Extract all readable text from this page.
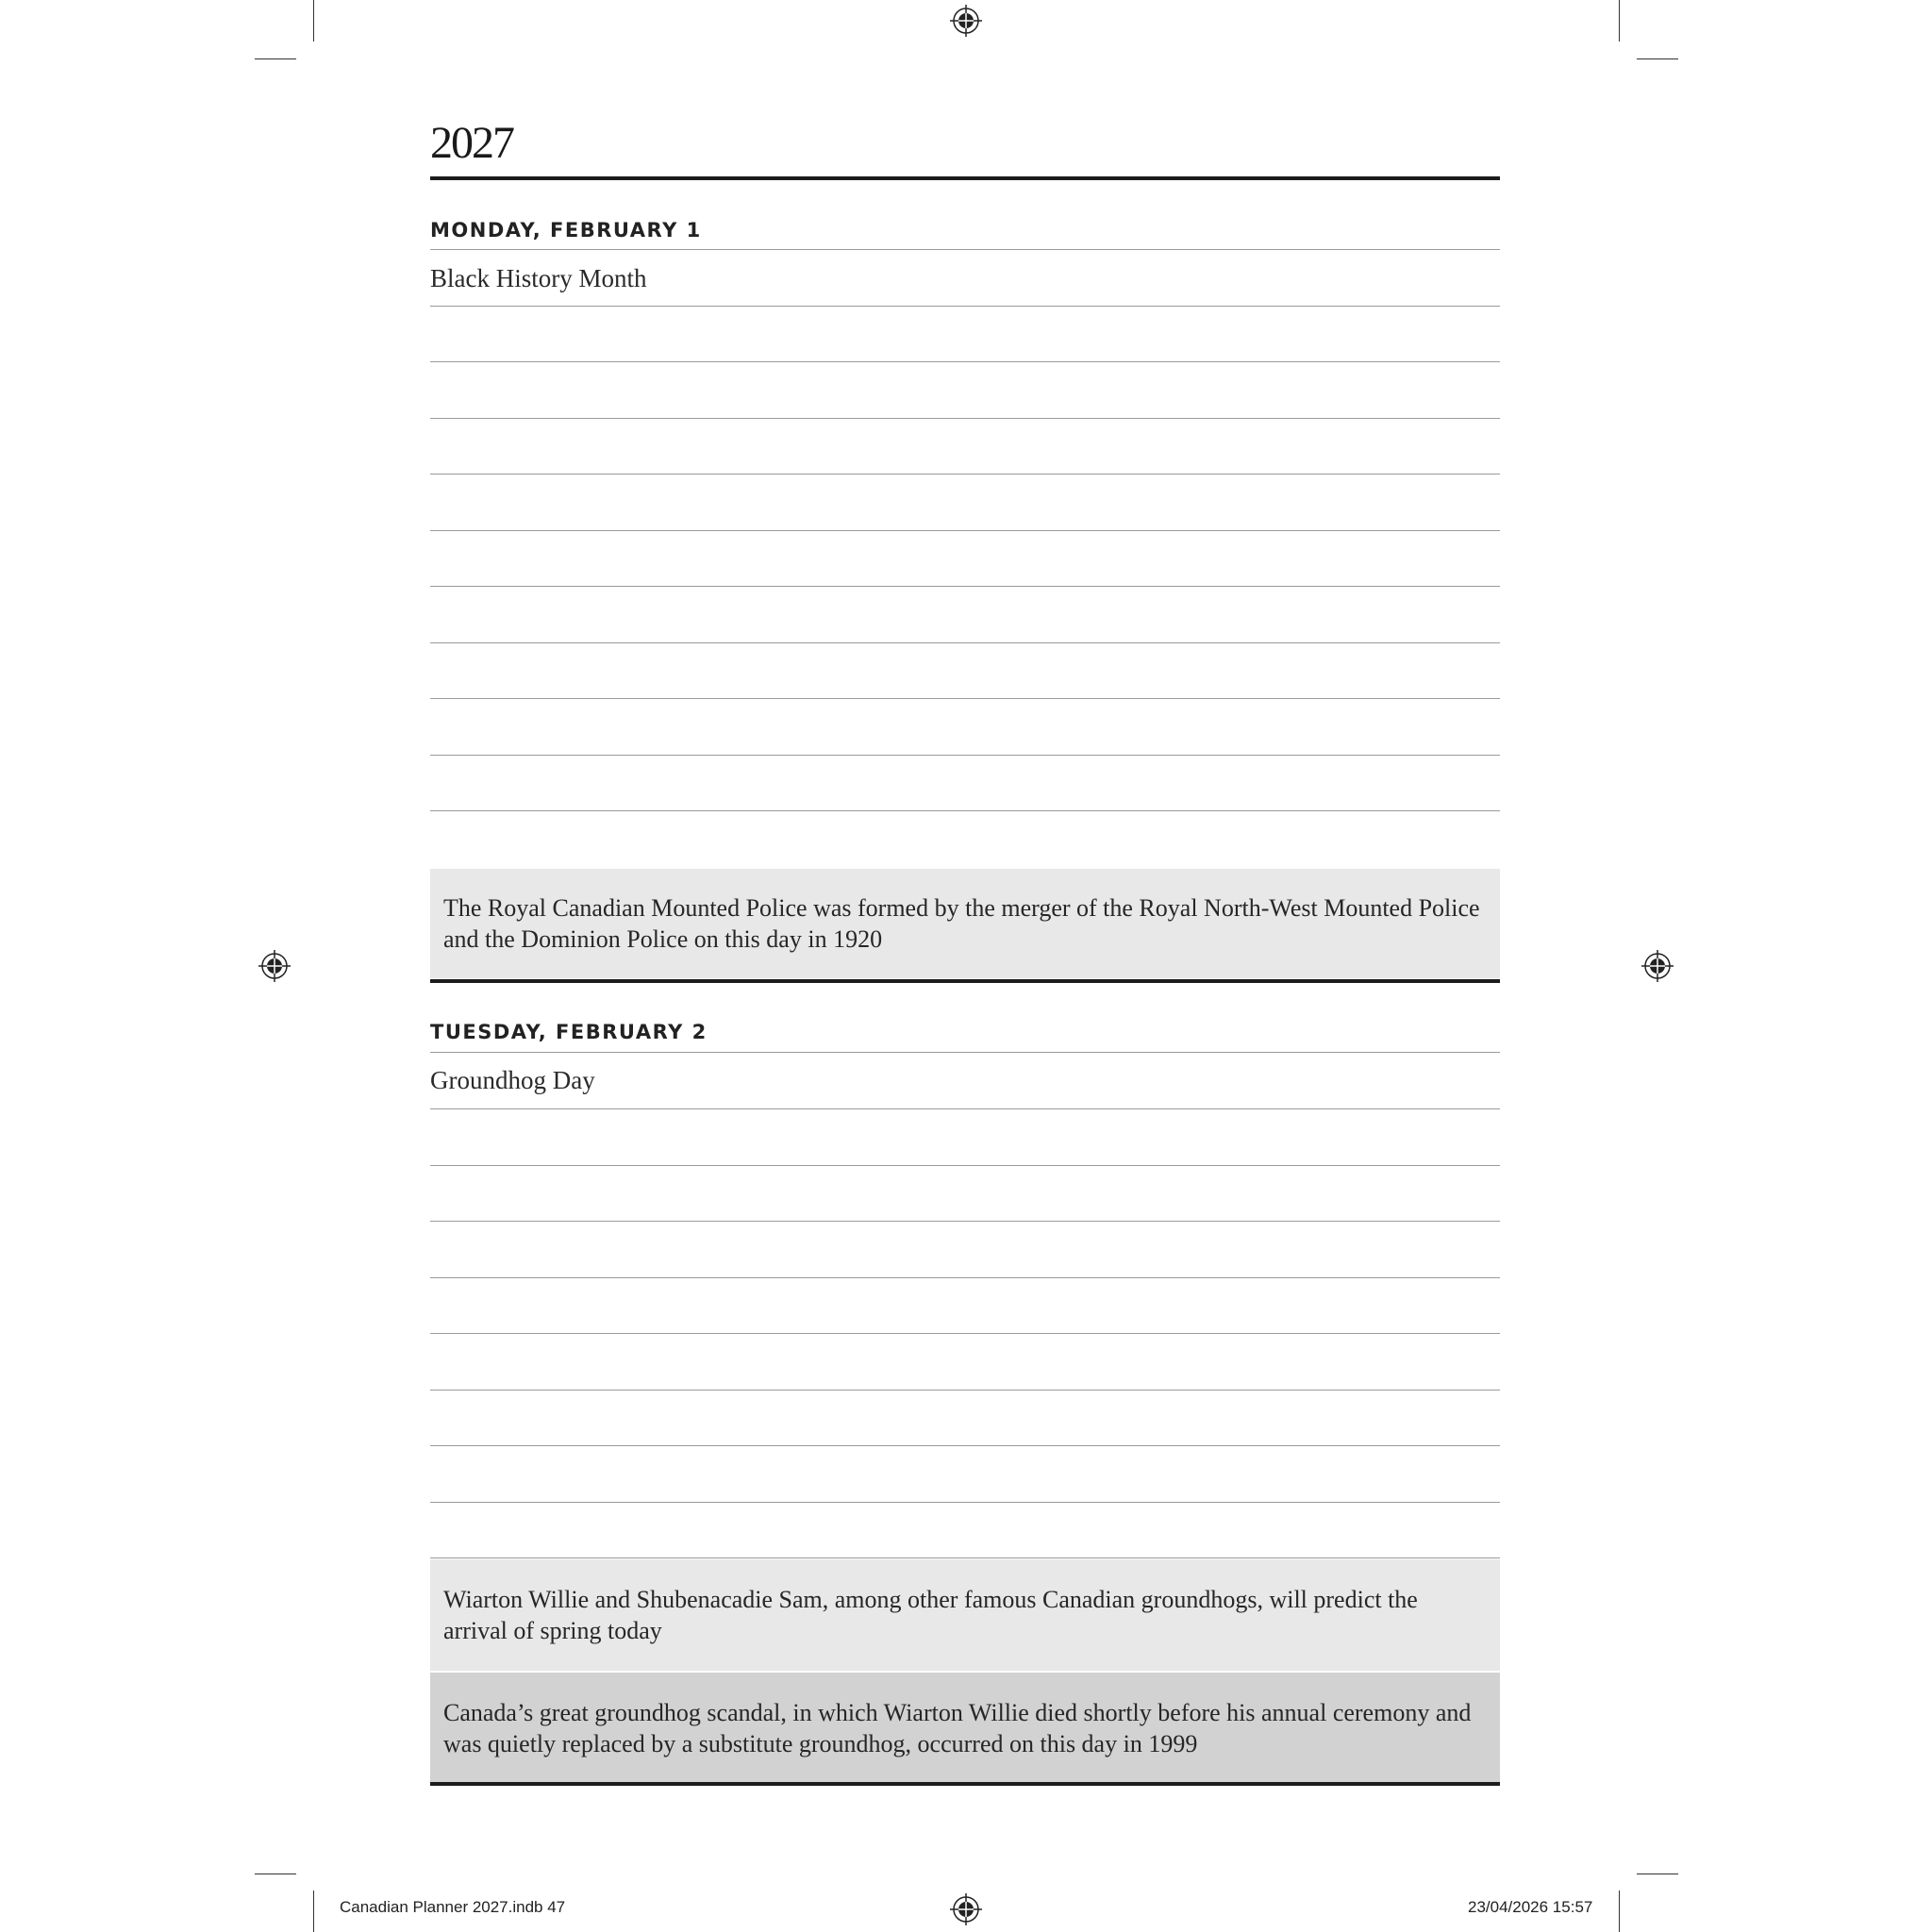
2027
MONDAY, FEBRUARY 1
Black History Month
The Royal Canadian Mounted Police was formed by the merger of the Royal North-West Mounted Police and the Dominion Police on this day in 1920
TUESDAY, FEBRUARY 2
Groundhog Day
Wiarton Willie and Shubenacadie Sam, among other famous Canadian groundhogs, will predict the arrival of spring today
Canada’s great groundhog scandal, in which Wiarton Willie died shortly before his annual ceremony and was quietly replaced by a substitute groundhog, occurred on this day in 1999
Canadian Planner 2027.indb 47	23/04/2026 15:57
